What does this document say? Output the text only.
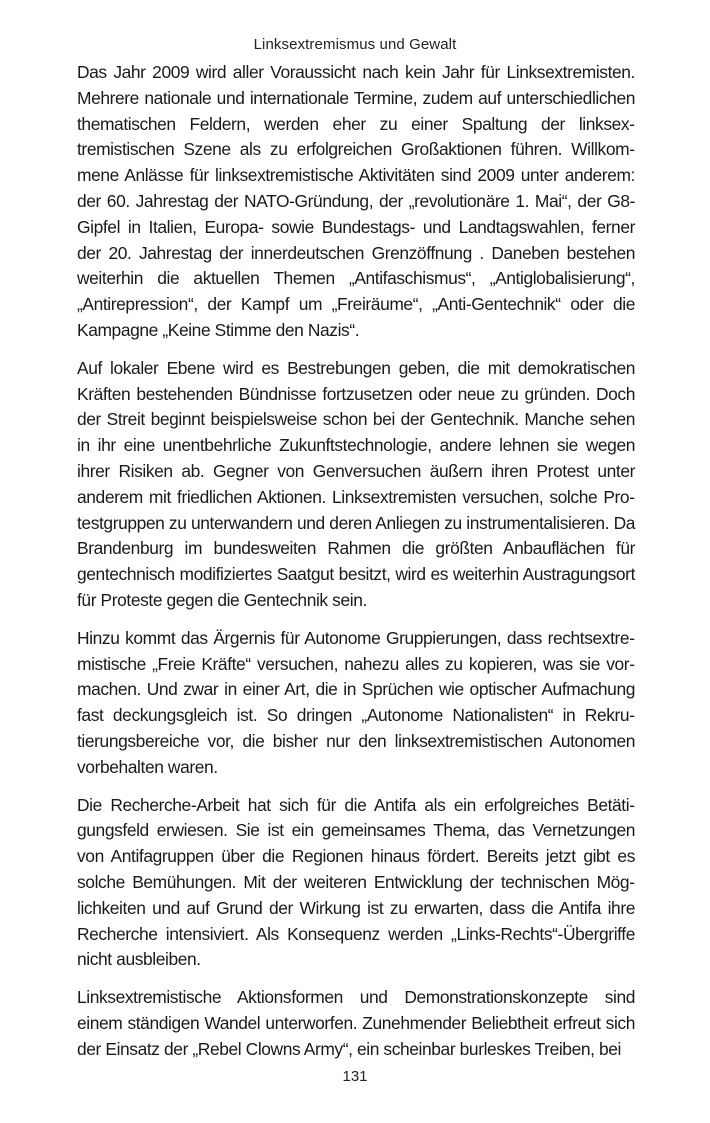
Linksextremismus und Gewalt

Das Jahr 2009 wird aller Voraussicht nach kein Jahr für Linksextremisten. Mehrere nationale und internationale Termine, zudem auf unterschiedlichen thematischen Feldern, werden eher zu einer Spaltung der linksextremistischen Szene als zu erfolgreichen Großaktionen führen. Willkommene Anlässe für linksextremistische Aktivitäten sind 2009 unter anderem: der 60. Jahrestag der NATO-Gründung, der „revolutionäre 1. Mai“, der G8-Gipfel in Italien, Europa- sowie Bundestags- und Landtagswahlen, ferner der 20. Jahrestag der innerdeutschen Grenzöffnung . Daneben bestehen weiterhin die aktuellen Themen „Antifaschismus“, „Antiglobalisierung“, „Antirepression“, der Kampf um „Freiräume“, „Anti-Gentechnik“ oder die Kampagne „Keine Stimme den Nazis“.

Auf lokaler Ebene wird es Bestrebungen geben, die mit demokratischen Kräften bestehenden Bündnisse fortzusetzen oder neue zu gründen. Doch der Streit beginnt beispielsweise schon bei der Gentechnik. Manche sehen in ihr eine unentbehrliche Zukunftstechnologie, andere lehnen sie wegen ihrer Risiken ab. Gegner von Genversuchen äußern ihren Protest unter anderem mit friedlichen Aktionen. Linksextremisten versuchen, solche Protestgruppen zu unterwandern und deren Anliegen zu instrumentalisieren. Da Brandenburg im bundesweiten Rahmen die größten Anbauflächen für gentechnisch modifiziertes Saatgut besitzt, wird es weiterhin Austragungsort für Proteste gegen die Gentechnik sein.

Hinzu kommt das Ärgernis für Autonome Gruppierungen, dass rechtsextremistische „Freie Kräfte“ versuchen, nahezu alles zu kopieren, was sie vormachen. Und zwar in einer Art, die in Sprüchen wie optischer Aufmachung fast deckungsgleich ist. So dringen „Autonome Nationalisten“ in Rekrutierungsbereiche vor, die bisher nur den linksextremistischen Autonomen vorbehalten waren.

Die Recherche-Arbeit hat sich für die Antifa als ein erfolgreiches Betätigungsfeld erwiesen. Sie ist ein gemeinsames Thema, das Vernetzungen von Antifagruppen über die Regionen hinaus fördert. Bereits jetzt gibt es solche Bemühungen. Mit der weiteren Entwicklung der technischen Möglichkeiten und auf Grund der Wirkung ist zu erwarten, dass die Antifa ihre Recherche intensiviert. Als Konsequenz werden „Links-Rechts“-Übergriffe nicht ausbleiben.

Linksextremistische Aktionsformen und Demonstrationskonzepte sind einem ständigen Wandel unterworfen. Zunehmender Beliebtheit erfreut sich der Einsatz der „Rebel Clowns Army“, ein scheinbar burleskes Treiben, bei

131
